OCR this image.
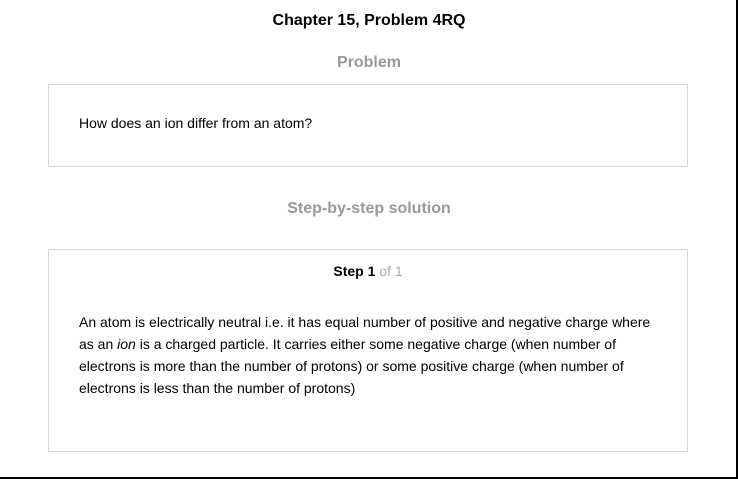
Chapter 15, Problem 4RQ
Problem
How does an ion differ from an atom?
Step-by-step solution
Step 1 of 1
An atom is electrically neutral i.e. it has equal number of positive and negative charge where as an ion is a charged particle. It carries either some negative charge (when number of electrons is more than the number of protons) or some positive charge (when number of electrons is less than the number of protons)
